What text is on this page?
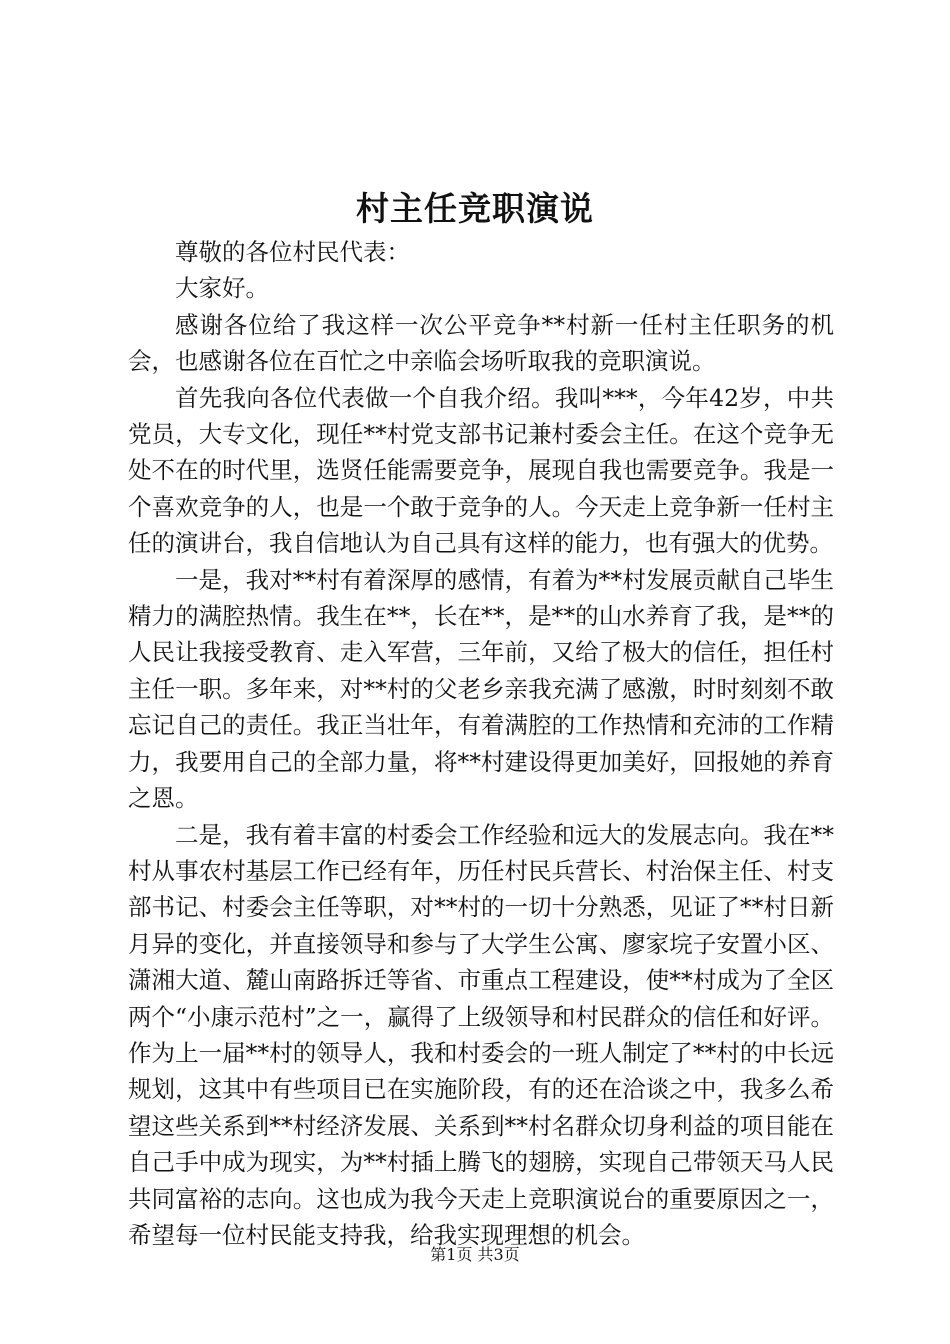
村主任竞职演说

尊敬的各位村民代表：

大家好。

感谢各位给了我这样一次公平竞争**村新一任村主任职务的机会，也感谢各位在百忙之中亲临会场听取我的竞职演说。

首先我向各位代表做一个自我介绍。我叫***，今年42岁，中共党员，大专文化，现任**村党支部书记兼村委会主任。在这个竞争无处不在的时代里，选贤任能需要竞争，展现自我也需要竞争。我是一个喜欢竞争的人，也是一个敢于竞争的人。今天走上竞争新一任村主任的演讲台，我自信地认为自己具有这样的能力，也有强大的优势。

一是，我对**村有着深厚的感情，有着为**村发展贡献自己毕生精力的满腔热情。我生在**，长在**，是**的山水养育了我，是**的人民让我接受教育、走入军营，三年前，又给了极大的信任，担任村主任一职。多年来，对**村的父老乡亲我充满了感激，时时刻刻不敢忘记自己的责任。我正当壮年，有着满腔的工作热情和充沛的工作精力，我要用自己的全部力量，将**村建设得更加美好，回报她的养育之恩。

二是，我有着丰富的村委会工作经验和远大的发展志向。我在**村从事农村基层工作已经有年，历任村民兵营长、村治保主任、村支部书记、村委会主任等职，对**村的一切十分熟悉，见证了**村日新月异的变化，并直接领导和参与了大学生公寓、廖家垸子安置小区、潇湘大道、麓山南路拆迁等省、市重点工程建设，使**村成为了全区两个“小康示范村”之一，赢得了上级领导和村民群众的信任和好评。作为上一届**村的领导人，我和村委会的一班人制定了**村的中长远规划，这其中有些项目已在实施阶段，有的还在洽谈之中，我多么希望这些关系到**村经济发展、关系到**村名群众切身利益的项目能在自己手中成为现实，为**村插上腾飞的翅膀，实现自己带领天马人民共同富裕的志向。这也成为我今天走上竞职演说台的重要原因之一，希望每一位村民能支持我，给我实现理想的机会。

第1页 共3页
